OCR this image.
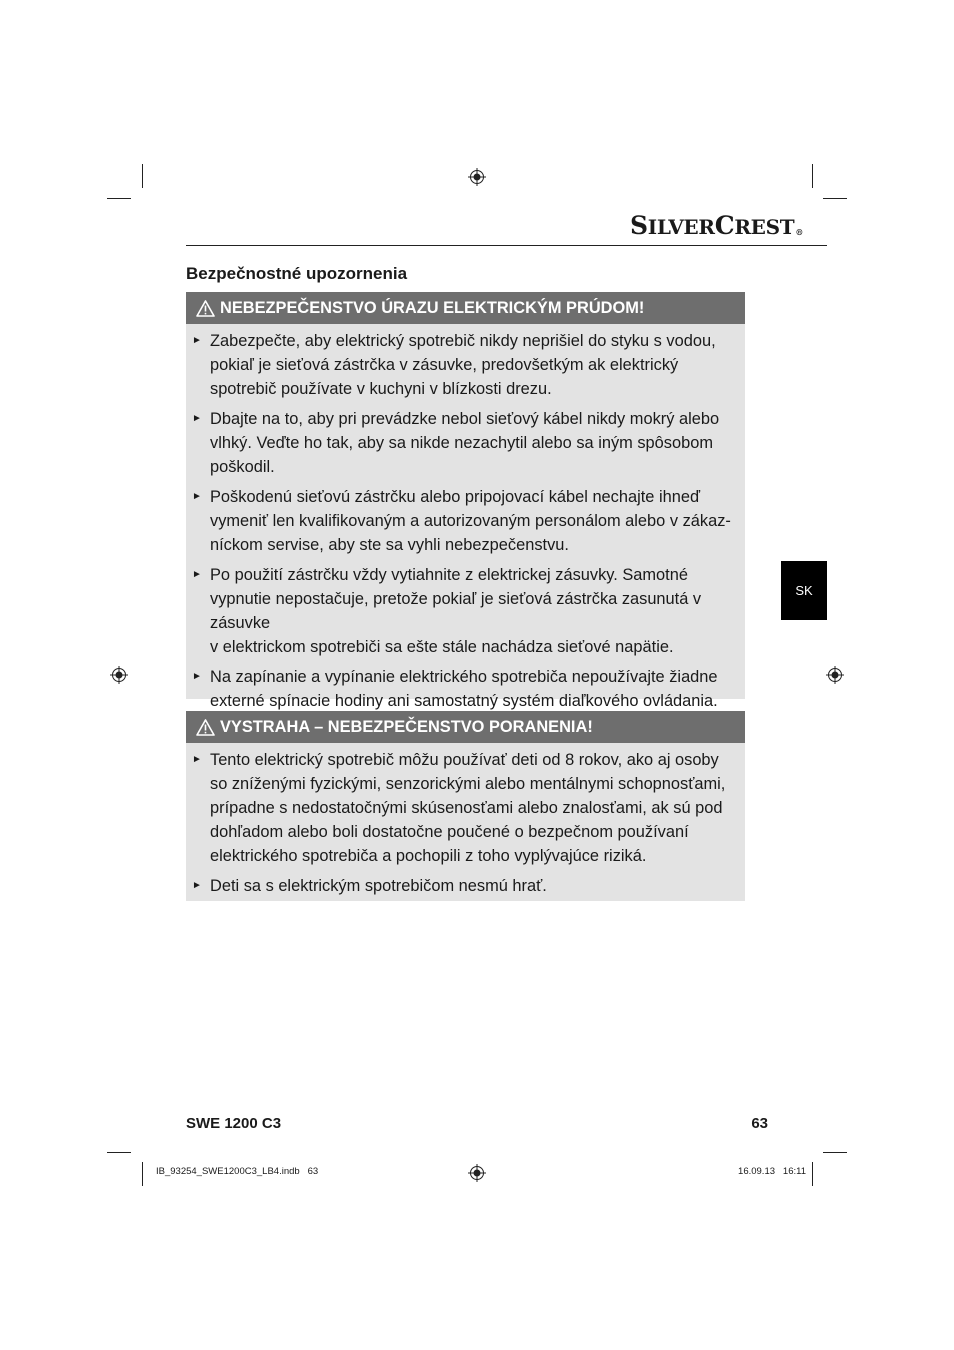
SILVERCREST®
Bezpečnostné upozornenia
NEBEZPEČENSTVO ÚRAZU ELEKTRICKÝM PRÚDOM!
► Zabezpečte, aby elektrický spotrebič nikdy neprišiel do styku s vodou, pokiaľ je sieťová zástrčka v zásuvke, predovšetkým ak elektrický spotrebič používate v kuchyni v blízkosti drezu.
► Dbajte na to, aby pri prevádzke nebol sieťový kábel nikdy mokrý alebo vlhký. Veďte ho tak, aby sa nikde nezachytil alebo sa iným spôsobom poškodil.
► Poškodenú sieťovú zástrčku alebo pripojovací kábel nechajte ihneď vymeniť len kvalifikovaným a autorizovaným personálom alebo v zákaz-níckom servise, aby ste sa vyhli nebezpečenstvu.
► Po použití zástrčku vždy vytiahnite z elektrickej zásuvky. Samotné vypnutie nepostačuje, pretože pokiaľ je sieťová zástrčka zasunutá v zásuvke
v elektrickom spotrebiči sa ešte stále nachádza sieťové napätie.
► Na zapínanie a vypínanie elektrického spotrebiča nepoužívajte žiadne externé spínacie hodiny ani samostatný systém diaľkového ovládania.
SK
VYSTRAHA – NEBEZPEČENSTVO PORANENIA!
► Tento elektrický spotrebič môžu používať deti od 8 rokov, ako aj osoby so zníženými fyzickými, senzorickými alebo mentálnymi schopnosťami, prípadne s nedostatočnými skúsenosťami alebo znalosťami, ak sú pod dohľadom alebo boli dostatočne poučené o bezpečnom používaní elektrického spotrebiča a pochopili z toho vyplývajúce riziká.
► Deti sa s elektrickým spotrebičom nesmú hrať.
SWE 1200 C3	63
IB_93254_SWE1200C3_LB4.indb   63	16.09.13   16:11
